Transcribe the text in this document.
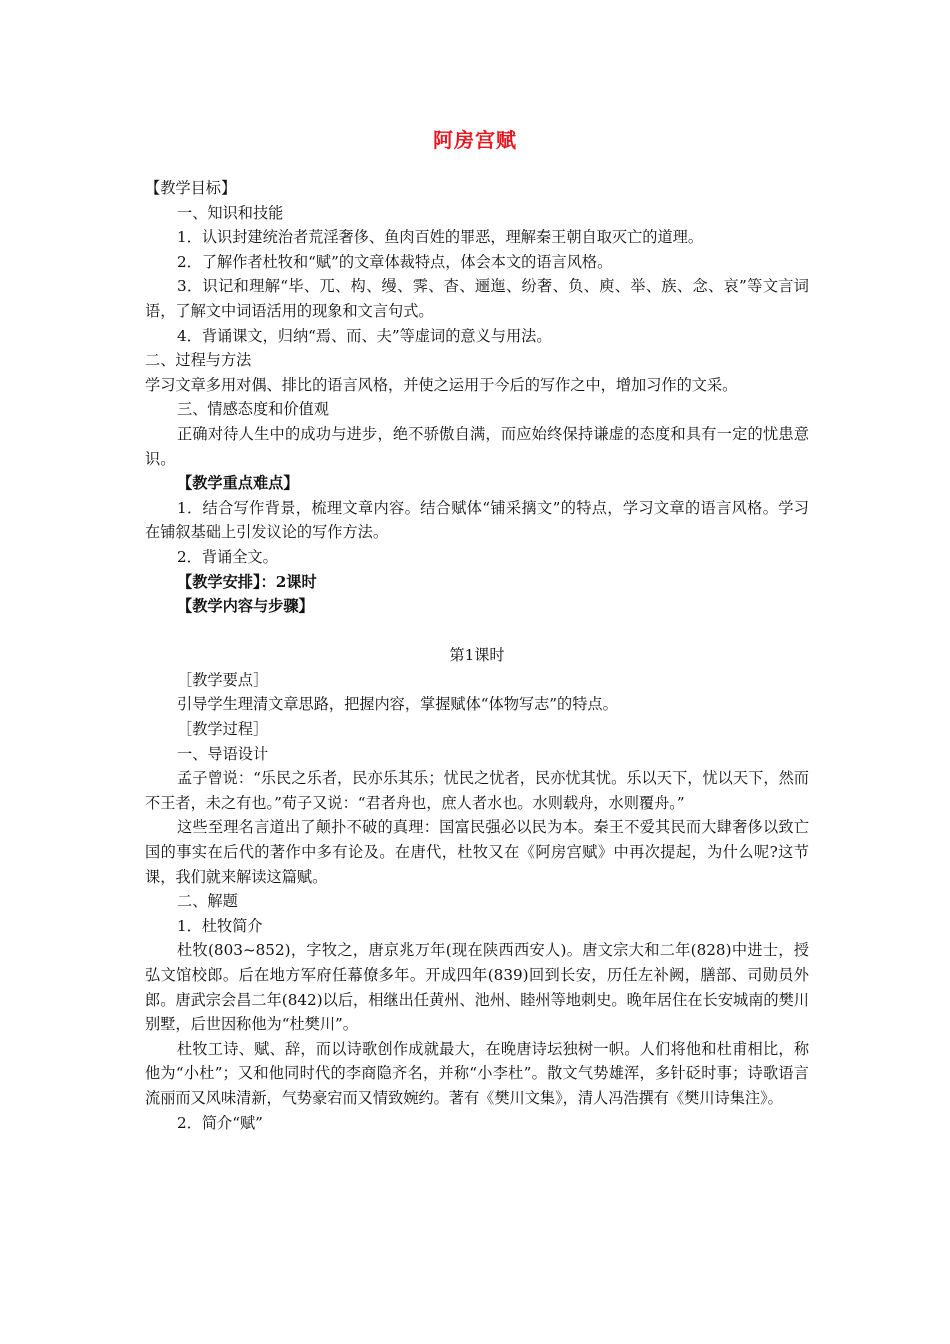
阿房宫赋

【教学目标】

一、知识和技能

1．认识封建统治者荒淫奢侈、鱼肉百姓的罪恶，理解秦王朝自取灭亡的道理。

2．了解作者杜牧和“赋”的文章体裁特点，体会本文的语言风格。

3．识记和理解“毕、兀、构、缦、霁、杳、逦迤、纷奢、负、庾、举、族、念、哀”等文言词语，了解文中词语活用的现象和文言句式。

4．背诵课文，归纳“焉、而、夫”等虚词的意义与用法。

二、过程与方法

学习文章多用对偶、排比的语言风格，并使之运用于今后的写作之中，增加习作的文采。

三、情感态度和价值观

正确对待人生中的成功与进步，绝不骄傲自满，而应始终保持谦虚的态度和具有一定的忧患意识。

【教学重点难点】

1．结合写作背景，梳理文章内容。结合赋体“铺采摛文”的特点，学习文章的语言风格。学习在铺叙基础上引发议论的写作方法。

2．背诵全文。

【教学安排】：2课时

【教学内容与步骤】

第1课时

［教学要点］

引导学生理清文章思路，把握内容，掌握赋体“体物写志”的特点。

［教学过程］

一、导语设计

孟子曾说：“乐民之乐者，民亦乐其乐；忧民之忧者，民亦忧其忧。乐以天下，忧以天下，然而不王者，未之有也。”荀子又说：“君者舟也，庶人者水也。水则载舟，水则覆舟。”

这些至理名言道出了颠扑不破的真理：国富民强必以民为本。秦王不爱其民而大肆奢侈以致亡国的事实在后代的著作中多有论及。在唐代，杜牧又在《阿房宫赋》中再次提起，为什么呢?这节课，我们就来解读这篇赋。

二、解题

1．杜牧简介

杜牧(803~852)，字牧之，唐京兆万年(现在陕西西安人)。唐文宗大和二年(828)中进士，授弘文馆校郎。后在地方军府任幕僚多年。开成四年(839)回到长安，历任左补阙，膳部、司勋员外郎。唐武宗会昌二年(842)以后，相继出任黄州、池州、睦州等地刺史。晚年居住在长安城南的樊川别墅，后世因称他为“杜樊川”。

杜牧工诗、赋、辞，而以诗歌创作成就最大，在晚唐诗坛独树一帜。人们将他和杜甫相比，称他为“小杜”；又和他同时代的李商隐齐名，并称“小李杜”。散文气势雄浑，多针砭时事；诗歌语言流丽而又风味清新，气势豪宕而又情致婉约。著有《樊川文集》，清人冯浩撰有《樊川诗集注》。

2．简介“赋”
